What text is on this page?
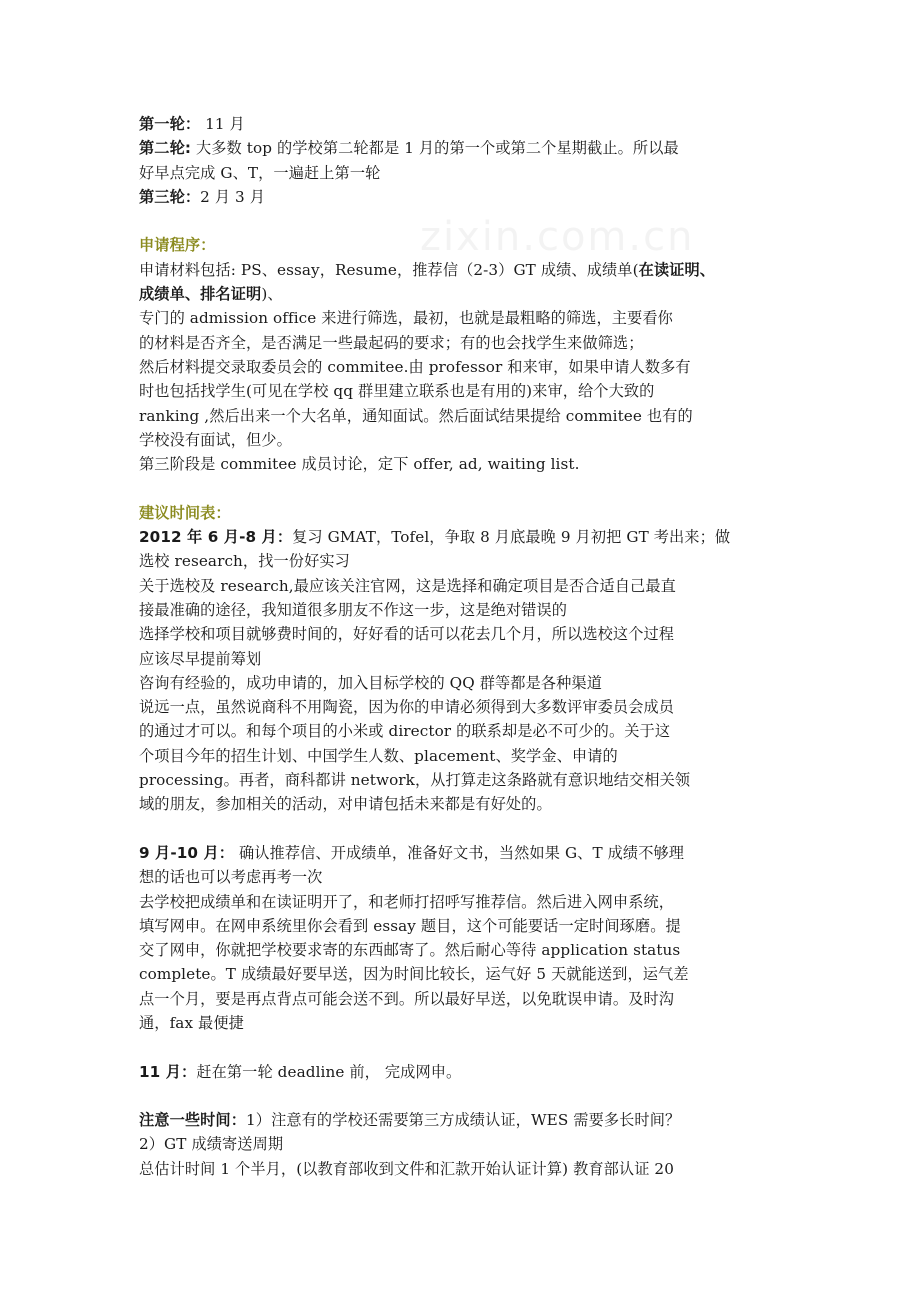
zixin.com.cn
第一轮： 11 月
第二轮: 大多数 top 的学校第二轮都是 1 月的第一个或第二个星期截止。所以最
好早点完成 G、T，一遍赶上第一轮
第三轮：2 月 3 月
申请程序：
申请材料包括: PS、essay，Resume，推荐信（2-3）GT 成绩、成绩单(在读证明、
成绩单、排名证明)、
专门的 admission office 来进行筛选，最初，也就是最粗略的筛选，主要看你
的材料是否齐全，是否满足一些最起码的要求；有的也会找学生来做筛选；
然后材料提交录取委员会的 commitee.由 professor 和来审，如果申请人数多有
时也包括找学生(可见在学校 qq 群里建立联系也是有用的)来审，给个大致的
ranking ,然后出来一个大名单，通知面试。然后面试结果提给 commitee 也有的
学校没有面试，但少。
第三阶段是 commitee 成员讨论，定下 offer, ad, waiting list.
建议时间表：
2012 年 6 月-8 月：复习 GMAT，Tofel，争取 8 月底最晚 9 月初把 GT 考出来；做
选校 research，找一份好实习
关于选校及 research,最应该关注官网，这是选择和确定项目是否合适自己最直
接最准确的途径，我知道很多朋友不作这一步，这是绝对错误的
选择学校和项目就够费时间的，好好看的话可以花去几个月，所以选校这个过程
应该尽早提前筹划
咨询有经验的，成功申请的，加入目标学校的 QQ 群等都是各种渠道
说远一点，虽然说商科不用陶瓷，因为你的申请必须得到大多数评审委员会成员
的通过才可以。和每个项目的小米或 director 的联系却是必不可少的。关于这
个项目今年的招生计划、中国学生人数、placement、奖学金、申请的
processing。再者，商科都讲 network，从打算走这条路就有意识地结交相关领
域的朋友，参加相关的活动，对申请包括未来都是有好处的。
9 月-10 月： 确认推荐信、开成绩单，准备好文书，当然如果 G、T 成绩不够理
想的话也可以考虑再考一次
去学校把成绩单和在读证明开了，和老师打招呼写推荐信。然后进入网申系统，
填写网申。在网申系统里你会看到 essay 题目，这个可能要话一定时间琢磨。提
交了网申，你就把学校要求寄的东西邮寄了。然后耐心等待 application status
complete。T 成绩最好要早送，因为时间比较长，运气好 5 天就能送到，运气差
点一个月，要是再点背点可能会送不到。所以最好早送，以免耽误申请。及时沟
通，fax 最便捷
11 月：赶在第一轮 deadline 前， 完成网申。
注意一些时间：1）注意有的学校还需要第三方成绩认证，WES 需要多长时间？
2）GT 成绩寄送周期
总估计时间 1 个半月，(以教育部收到文件和汇款开始认证计算) 教育部认证 20
